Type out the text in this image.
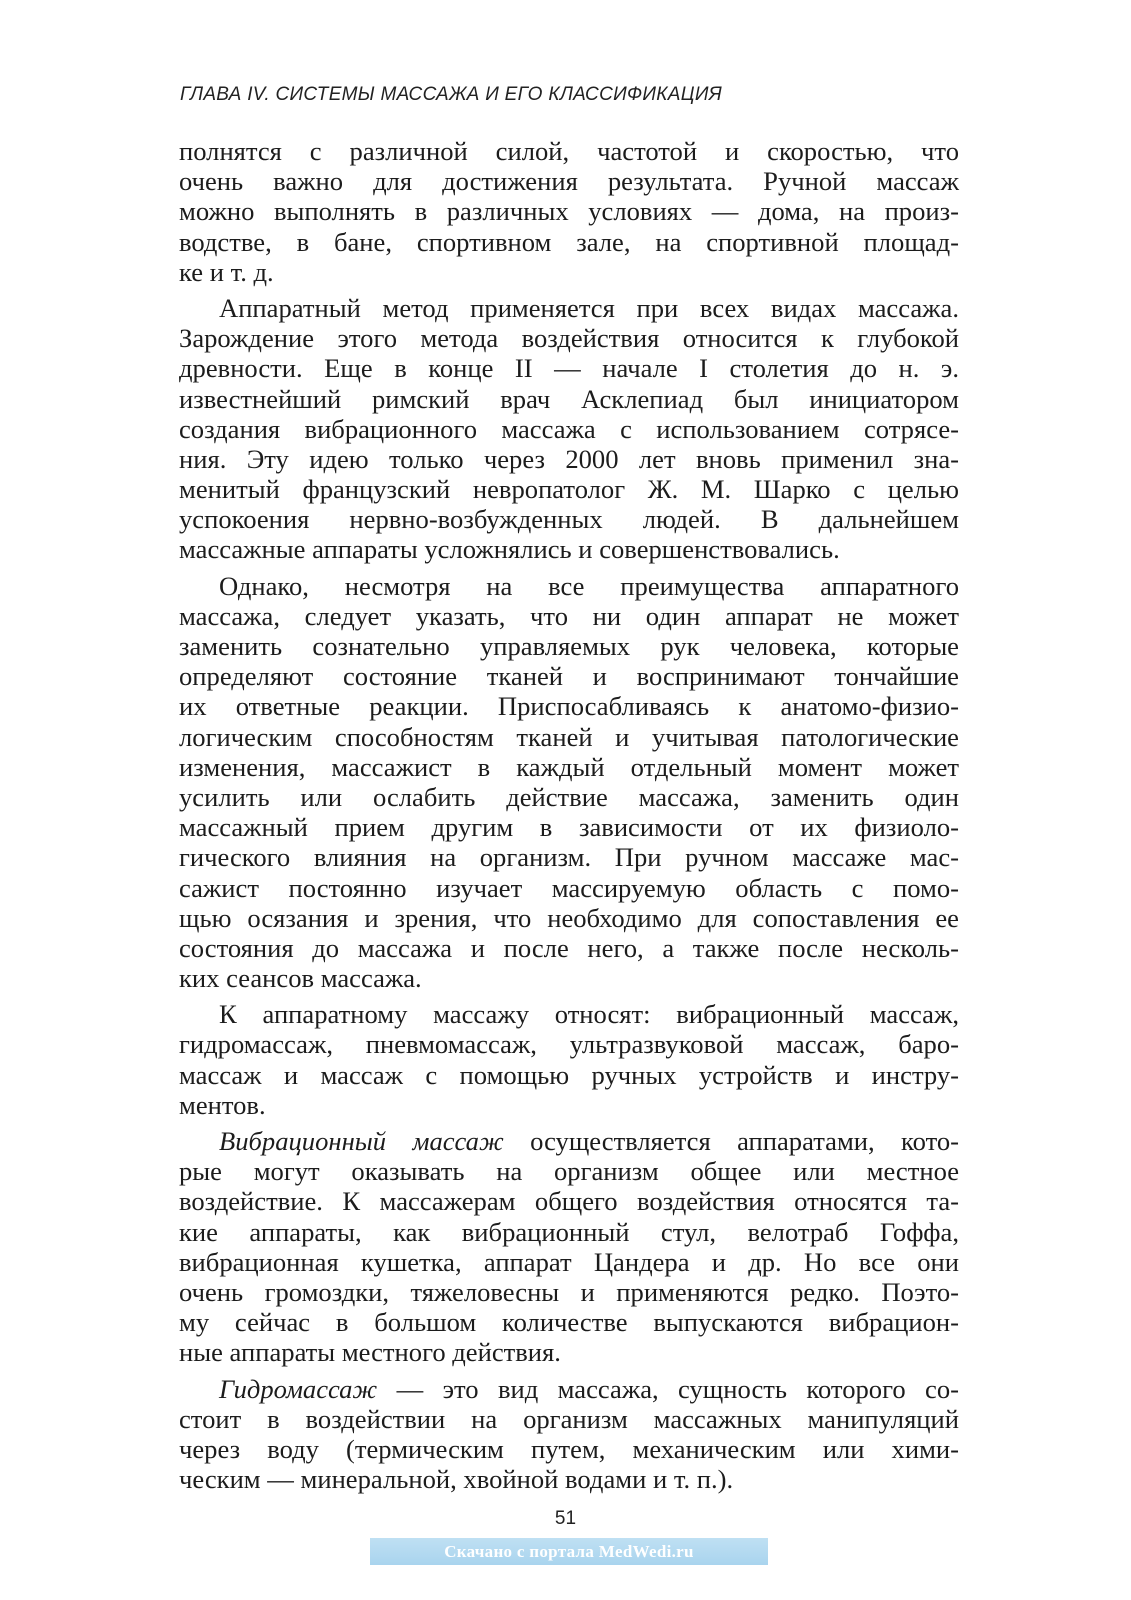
ГЛАВА IV. СИСТЕМЫ МАССАЖА И ЕГО КЛАССИФИКАЦИЯ
полнятся с различной силой, частотой и скоростью, что
очень важно для достижения результата. Ручной массаж
можно выполнять в различных условиях — дома, на произ-
водстве, в бане, спортивном зале, на спортивной площад-
ке и т. д.
Аппаратный метод применяется при всех видах массажа.
Зарождение этого метода воздействия относится к глубокой
древности. Еще в конце II — начале I столетия до н. э.
известнейший римский врач Асклепиад был инициатором
создания вибрационного массажа с использованием сотрясе-
ния. Эту идею только через 2000 лет вновь применил зна-
менитый французский невропатолог Ж. М. Шарко с целью
успокоения нервно-возбужденных людей. В дальнейшем
массажные аппараты усложнялись и совершенствовались.
Однако, несмотря на все преимущества аппаратного
массажа, следует указать, что ни один аппарат не может
заменить сознательно управляемых рук человека, которые
определяют состояние тканей и воспринимают тончайшие
их ответные реакции. Приспосабливаясь к анатомо-физио-
логическим способностям тканей и учитывая патологические
изменения, массажист в каждый отдельный момент может
усилить или ослабить действие массажа, заменить один
массажный прием другим в зависимости от их физиоло-
гического влияния на организм. При ручном массаже мас-
сажист постоянно изучает массируемую область с помо-
щью осязания и зрения, что необходимо для сопоставления ее
состояния до массажа и после него, а также после несколь-
ких сеансов массажа.
К аппаратному массажу относят: вибрационный массаж,
гидромассаж, пневмомассаж, ультразвуковой массаж, баро-
массаж и массаж с помощью ручных устройств и инстру-
ментов.
Вибрационный массаж осуществляется аппаратами, кото-
рые могут оказывать на организм общее или местное
воздействие. К массажерам общего воздействия относятся та-
кие аппараты, как вибрационный стул, велотраб Гоффа,
вибрационная кушетка, аппарат Цандера и др. Но все они
очень громоздки, тяжеловесны и применяются редко. Поэто-
му сейчас в большом количестве выпускаются вибрацион-
ные аппараты местного действия.
Гидромассаж — это вид массажа, сущность которого со-
стоит в воздействии на организм массажных манипуляций
через воду (термическим путем, механическим или хими-
ческим — минеральной, хвойной водами и т. п.).
51
Скачано с портала MedWedi.ru
